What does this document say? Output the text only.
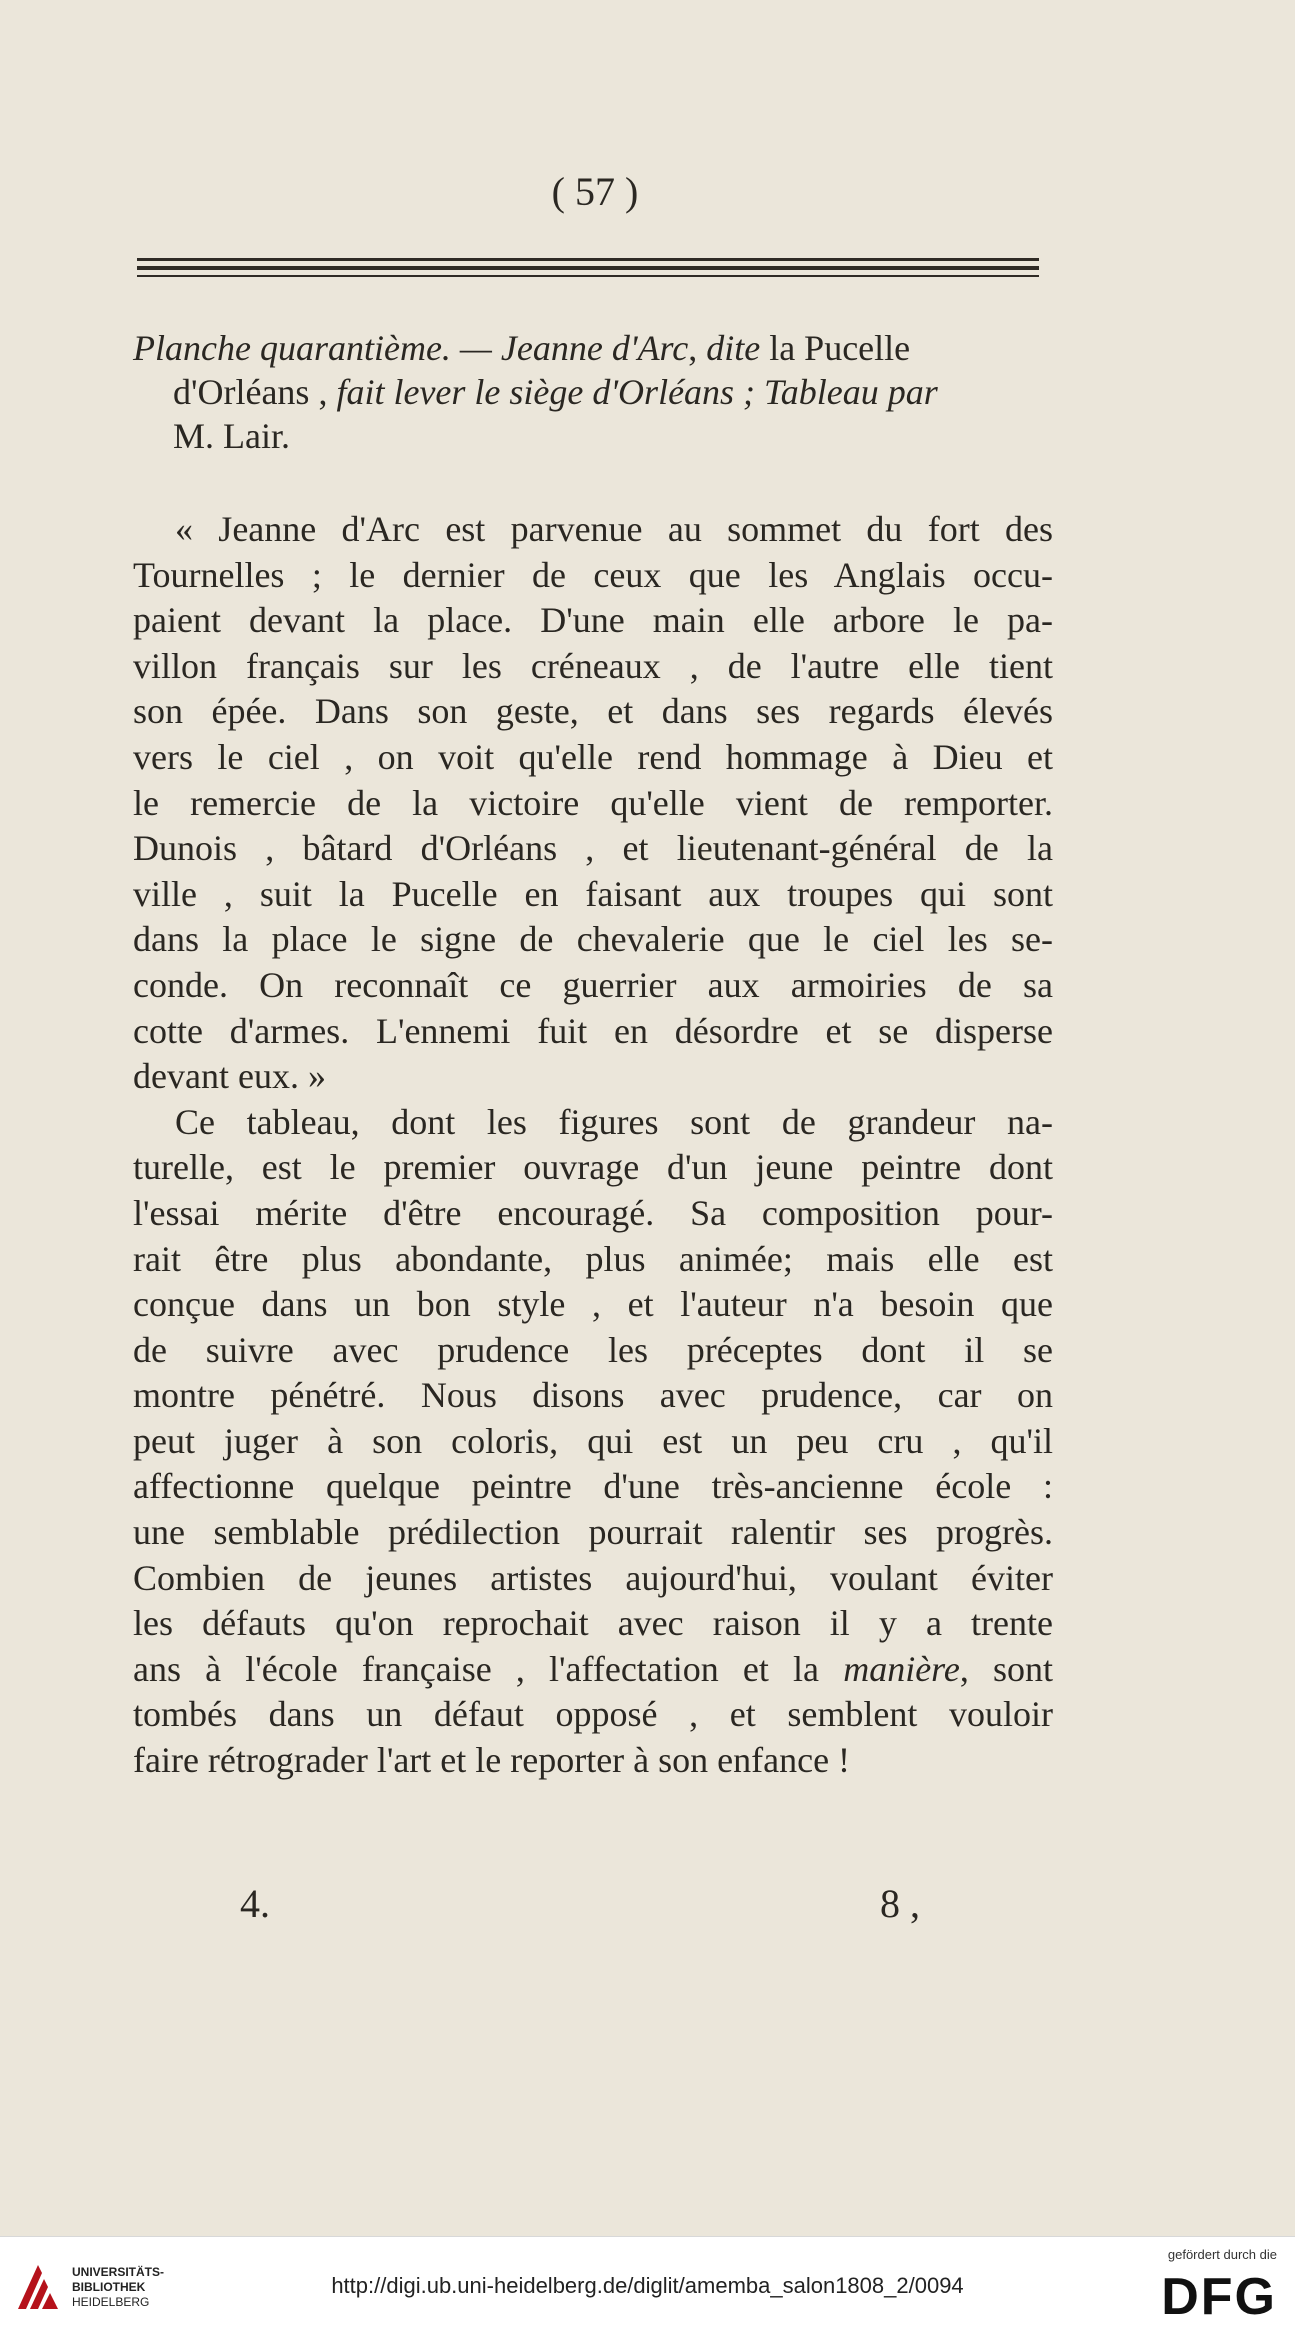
( 57 )
Planche quarantième. — Jeanne d'Arc, dite la Pucelle
d'Orléans , fait lever le siège d'Orléans ; Tableau par
M. Lair.
« Jeanne d'Arc est parvenue au sommet du fort des
Tournelles ; le dernier de ceux que les Anglais occu-
paient devant la place. D'une main elle arbore le pa-
villon français sur les créneaux , de l'autre elle tient
son épée. Dans son geste, et dans ses regards élevés
vers le ciel , on voit qu'elle rend hommage à Dieu et
le remercie de la victoire qu'elle vient de remporter.
Dunois , bâtard d'Orléans , et lieutenant-général de la
ville , suit la Pucelle en faisant aux troupes qui sont
dans la place le signe de chevalerie que le ciel les se-
conde. On reconnaît ce guerrier aux armoiries de sa
cotte d'armes. L'ennemi fuit en désordre et se disperse
devant eux. »
Ce tableau, dont les figures sont de grandeur na-
turelle, est le premier ouvrage d'un jeune peintre dont
l'essai mérite d'être encouragé. Sa composition pour-
rait être plus abondante, plus animée; mais elle est
conçue dans un bon style , et l'auteur n'a besoin que
de suivre avec prudence les préceptes dont il se
montre pénétré. Nous disons avec prudence, car on
peut juger à son coloris, qui est un peu cru , qu'il
affectionne quelque peintre d'une très-ancienne école :
une semblable prédilection pourrait ralentir ses progrès.
Combien de jeunes artistes aujourd'hui, voulant éviter
les défauts qu'on reprochait avec raison il y a trente
ans à l'école française , l'affectation et la manière, sont
tombés dans un défaut opposé , et semblent vouloir
faire rétrograder l'art et le reporter à son enfance !
4.	8 ,
UNIVERSITÄTS-
BIBLIOTHEK
HEIDELBERG
http://digi.ub.uni-heidelberg.de/diglit/amemba_salon1808_2/0094
gefördert durch die
DFG
